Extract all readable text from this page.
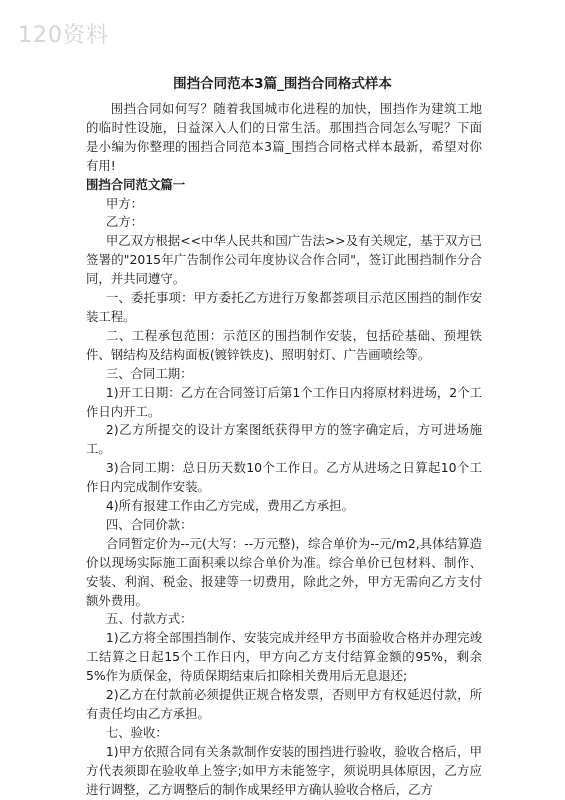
120资料
围挡合同范本3篇_围挡合同格式样本

围挡合同如何写？随着我国城市化进程的加快，围挡作为建筑工地的临时性设施，日益深入人们的日常生活。那围挡合同怎么写呢？下面是小编为你整理的围挡合同范本3篇_围挡合同格式样本最新，希望对你有用!

围挡合同范文篇一

甲方：

乙方：

甲乙双方根据<<中华人民共和国广告法>>及有关规定，基于双方已签署的"2015年广告制作公司年度协议合作合同"，签订此围挡制作分合同，并共同遵守。

一、委托事项：甲方委托乙方进行万象都荟项目示范区围挡的制作安装工程。

二、工程承包范围：示范区的围挡制作安装，包括砼基础、预埋铁件、钢结构及结构面板(镀锌铁皮)、照明射灯、广告画喷绘等。

三、合同工期：

1)开工日期：乙方在合同签订后第1个工作日内将原材料进场，2个工作日内开工。

2)乙方所提交的设计方案图纸获得甲方的签字确定后，方可进场施工。

3)合同工期：总日历天数10个工作日。乙方从进场之日算起10个工作日内完成制作安装。

4)所有报建工作由乙方完成，费用乙方承担。

四、合同价款：

合同暂定价为--元(大写：--万元整)，综合单价为--元/m2,具体结算造价以现场实际施工面积乘以综合单价为准。综合单价已包材料、制作、安装、利润、税金、报建等一切费用，除此之外，甲方无需向乙方支付额外费用。

五、付款方式：

1)乙方将全部围挡制作、安装完成并经甲方书面验收合格并办理完竣工结算之日起15个工作日内，甲方向乙方支付结算金额的95%，剩余5%作为质保金，待质保期结束后扣除相关费用后无息退还;

2)乙方在付款前必须提供正规合格发票，否则甲方有权延迟付款，所有责任均由乙方承担。

七、验收：

1)甲方依照合同有关条款制作安装的围挡进行验收，验收合格后，甲方代表须即在验收单上签字;如甲方未能签字，须说明具体原因，乙方应进行调整，乙方调整后的制作成果经甲方确认验收合格后，乙方
